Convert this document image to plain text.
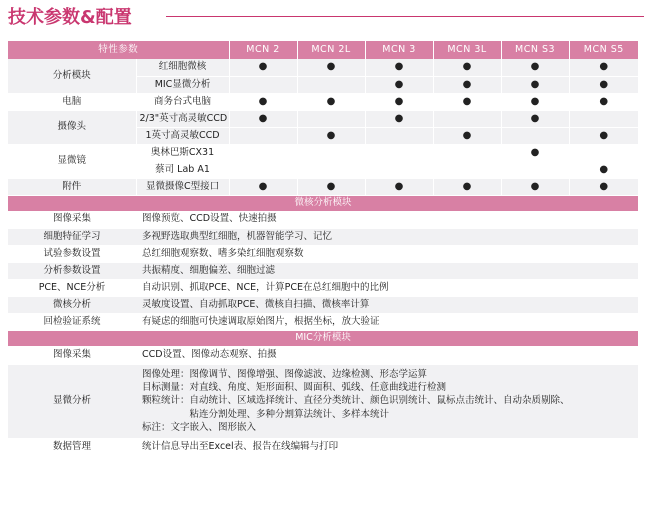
技术参数&配置
特性参数		MCN 2	MCN 2L	MCN 3	MCN 3L	MCN S3	MCN S5
分析模块	红细胞微核	●	●	●	●	●	●
	MIC显微分析			●	●	●	●
电脑	商务台式电脑	●	●	●	●	●	●
摄像头	2/3"英寸高灵敏CCD	●		●		●	
	1英寸高灵敏CCD		●		●		●
显微镜	奥林巴斯CX31					●	
	蔡司 Lab A1						●
附件	显微摄像C型接口	●	●	●	●	●	●
微核分析模块							
图像采集	图像预览、CCD设置、快速拍摄						
细胞特征学习	多视野选取典型红细胞，机器智能学习、记忆						
试验参数设置	总红细胞观察数、嗜多染红细胞观察数						
分析参数设置	共振精度、细胞偏差、细胞过滤						
PCE、NCE分析	自动识别、抓取PCE、NCE，计算PCE在总红细胞中的比例						
微核分析	灵敏度设置、自动抓取PCE、微核自扫描、微核率计算						
回检验证系统	有疑虑的细胞可快速调取原始图片，根据坐标，放大验证						
MIC分析模块							
图像采集	CCD设置、图像动态观察、拍摄						
显微分析	图像处理：图像调节、图像增强、图像滤波、边缘检测、形态学运算
目标测量：对直线、角度、矩形面积、圆面积、弧线、任意曲线进行检测
颗粒统计：自动统计、区域选择统计、直径分类统计、颜色识别统计、鼠标点击统计、自动杂质剔除、
　　　　　粘连分割处理、多种分割算法统计、多样本统计
标注：文字嵌入、图形嵌入						

数据管理	统计信息导出至Excel表、报告在线编辑与打印						
